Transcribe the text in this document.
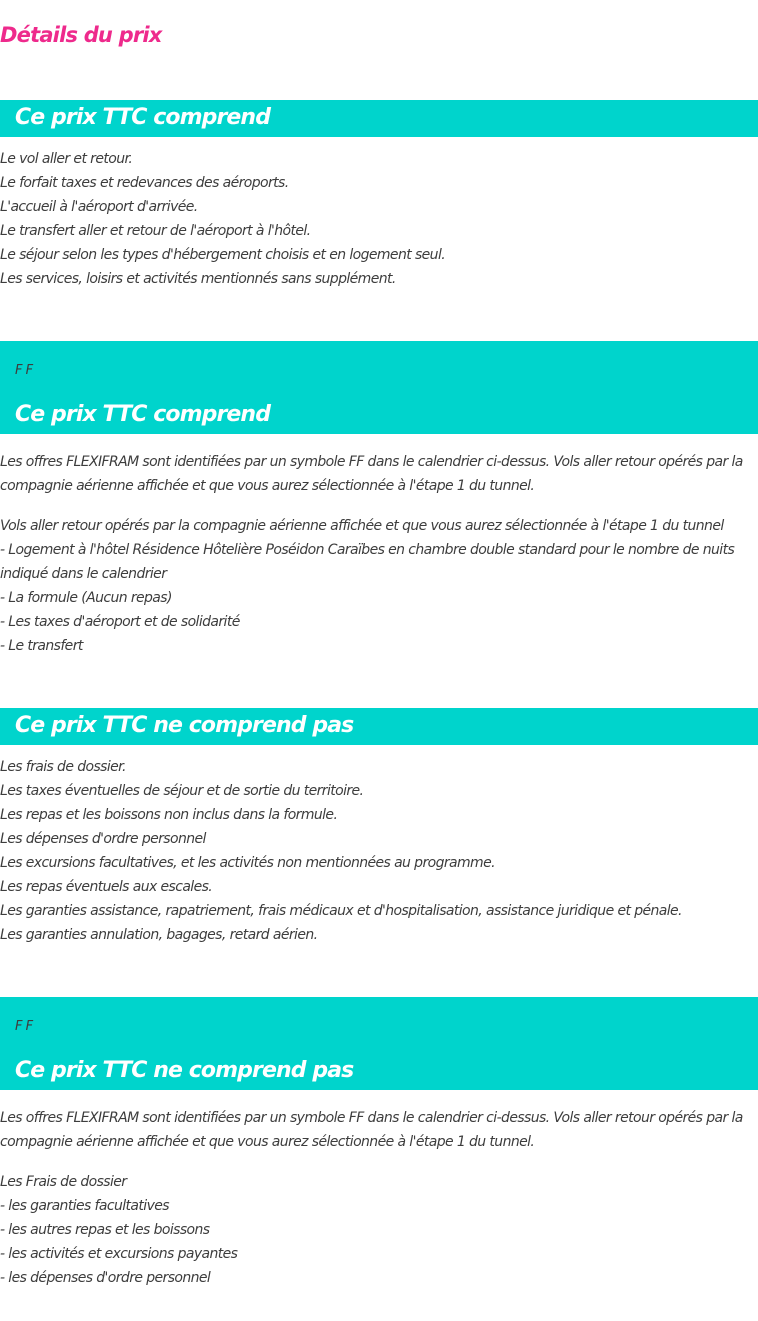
Détails du prix
Ce prix TTC comprend
Le vol aller et retour.
Le forfait taxes et redevances des aéroports.
L'accueil à l'aéroport d'arrivée.
Le transfert aller et retour de l'aéroport à l'hôtel.
Le séjour selon les types d'hébergement choisis et en logement seul.
Les services, loisirs et activités mentionnés sans supplément.

F F

Ce prix TTC comprend

Les offres FLEXIFRAM sont identifiées par un symbole FF dans le calendrier ci-dessus. Vols aller retour opérés par la
compagnie aérienne affichée et que vous aurez sélectionnée à l'étape 1 du tunnel.

Vols aller retour opérés par la compagnie aérienne affichée et que vous aurez sélectionnée à l'étape 1 du tunnel
- Logement à l'hôtel Résidence Hôtelière Poséidon Caraïbes en chambre double standard pour le nombre de nuits
indiqué dans le calendrier
- La formule (Aucun repas)
- Les taxes d'aéroport et de solidarité
- Le transfert
Ce prix TTC ne comprend pas
Les frais de dossier.
Les taxes éventuelles de séjour et de sortie du territoire.
Les repas et les boissons non inclus dans la formule.
Les dépenses d'ordre personnel
Les excursions facultatives, et les activités non mentionnées au programme.
Les repas éventuels aux escales.
Les garanties assistance, rapatriement, frais médicaux et d'hospitalisation, assistance juridique et pénale.
Les garanties annulation, bagages, retard aérien.

F F

Ce prix TTC ne comprend pas

Les offres FLEXIFRAM sont identifiées par un symbole FF dans le calendrier ci-dessus. Vols aller retour opérés par la
compagnie aérienne affichée et que vous aurez sélectionnée à l'étape 1 du tunnel.

Les Frais de dossier
- les garanties facultatives
- les autres repas et les boissons
- les activités et excursions payantes
- les dépenses d'ordre personnel
